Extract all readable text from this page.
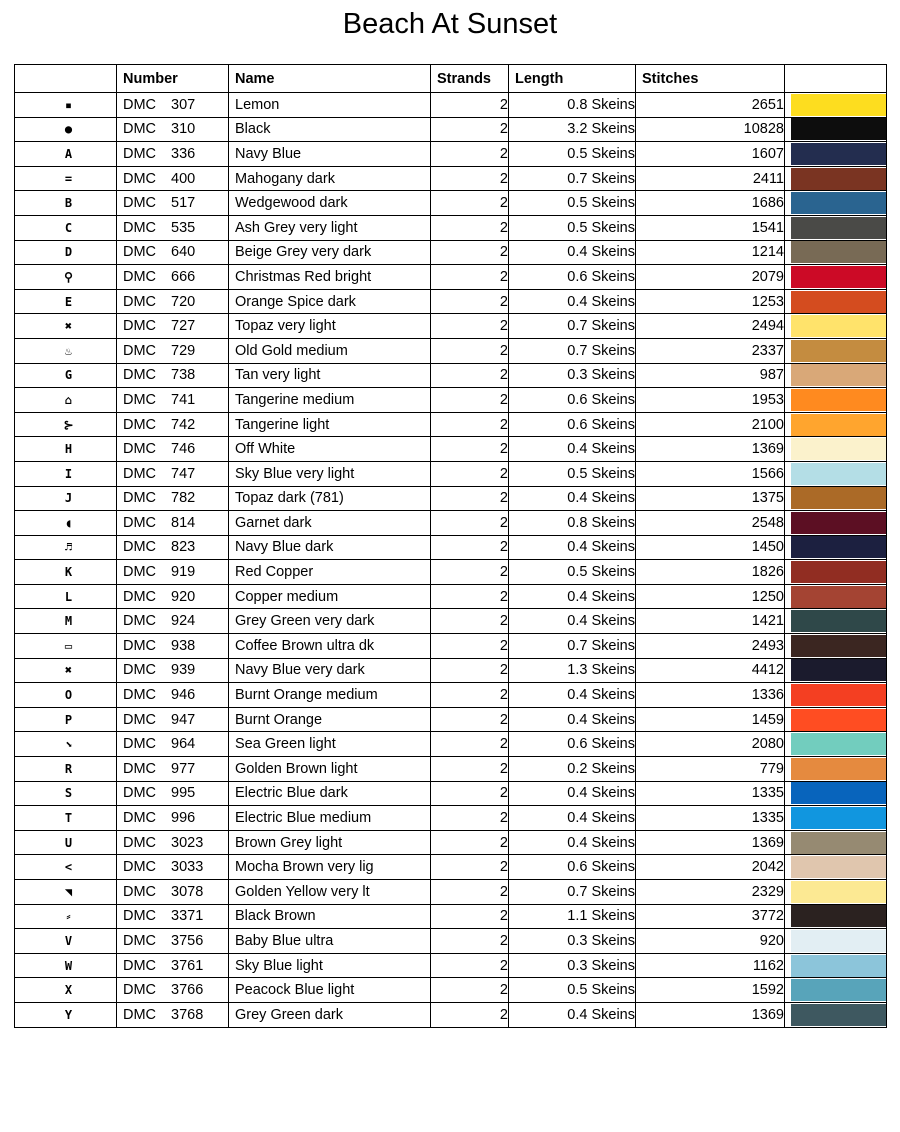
Beach At Sunset
	Number	Name	Strands	Length	Stitches	
▪	DMC 307	Lemon	2	0.8 Skeins	2651	

●	DMC 310	Black	2	3.2 Skeins	10828	

A	DMC 336	Navy Blue	2	0.5 Skeins	1607	

=	DMC 400	Mahogany dark	2	0.7 Skeins	2411	

B	DMC 517	Wedgewood dark	2	0.5 Skeins	1686	

C	DMC 535	Ash Grey very light	2	0.5 Skeins	1541	

D	DMC 640	Beige Grey very dark	2	0.4 Skeins	1214	

⚲	DMC 666	Christmas Red bright	2	0.6 Skeins	2079	

E	DMC 720	Orange Spice dark	2	0.4 Skeins	1253	

✖	DMC 727	Topaz very light	2	0.7 Skeins	2494	

♨	DMC 729	Old Gold medium	2	0.7 Skeins	2337	

G	DMC 738	Tan very light	2	0.3 Skeins	987	

⌂	DMC 741	Tangerine medium	2	0.6 Skeins	1953	

⊱	DMC 742	Tangerine light	2	0.6 Skeins	2100	

H	DMC 746	Off White	2	0.4 Skeins	1369	

I	DMC 747	Sky Blue very light	2	0.5 Skeins	1566	

J	DMC 782	Topaz dark (781)	2	0.4 Skeins	1375	

◖	DMC 814	Garnet dark	2	0.8 Skeins	2548	

♬	DMC 823	Navy Blue dark	2	0.4 Skeins	1450	

K	DMC 919	Red Copper	2	0.5 Skeins	1826	

L	DMC 920	Copper medium	2	0.4 Skeins	1250	

M	DMC 924	Grey Green very dark	2	0.4 Skeins	1421	

▭	DMC 938	Coffee Brown ultra dk	2	0.7 Skeins	2493	

✖	DMC 939	Navy Blue very dark	2	1.3 Skeins	4412	

O	DMC 946	Burnt Orange medium	2	0.4 Skeins	1336	

P	DMC 947	Burnt Orange	2	0.4 Skeins	1459	

⬊	DMC 964	Sea Green light	2	0.6 Skeins	2080	

R	DMC 977	Golden Brown light	2	0.2 Skeins	779	

S	DMC 995	Electric Blue dark	2	0.4 Skeins	1335	

T	DMC 996	Electric Blue medium	2	0.4 Skeins	1335	

U	DMC 3023	Brown Grey light	2	0.4 Skeins	1369	

<	DMC 3033	Mocha Brown very lig	2	0.6 Skeins	2042	

◥	DMC 3078	Golden Yellow very lt	2	0.7 Skeins	2329	

⸗	DMC 3371	Black Brown	2	1.1 Skeins	3772	

V	DMC 3756	Baby Blue ultra	2	0.3 Skeins	920	

W	DMC 3761	Sky Blue light	2	0.3 Skeins	1162	

X	DMC 3766	Peacock Blue light	2	0.5 Skeins	1592	

Y	DMC 3768	Grey Green dark	2	0.4 Skeins	1369	
